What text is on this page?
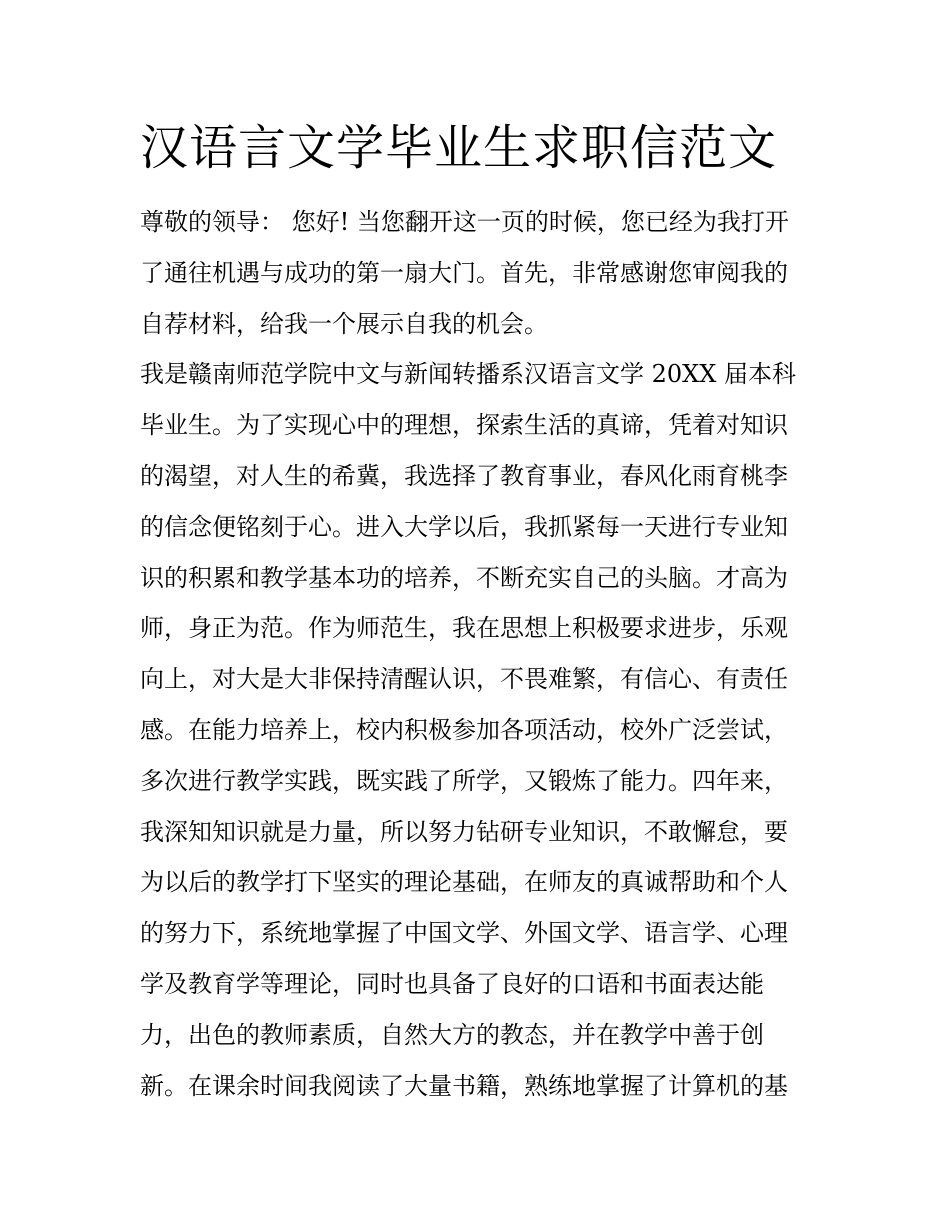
汉语言文学毕业生求职信范文
尊敬的领导： 您好! 当您翻开这一页的时候，您已经为我打开
了通往机遇与成功的第一扇大门。首先，非常感谢您审阅我的
自荐材料，给我一个展示自我的机会。
我是赣南师范学院中文与新闻转播系汉语言文学 20XX 届本科
毕业生。为了实现心中的理想，探索生活的真谛，凭着对知识
的渴望，对人生的希冀，我选择了教育事业，春风化雨育桃李
的信念便铭刻于心。进入大学以后，我抓紧每一天进行专业知
识的积累和教学基本功的培养，不断充实自己的头脑。才高为
师，身正为范。作为师范生，我在思想上积极要求进步，乐观
向上，对大是大非保持清醒认识，不畏难繁，有信心、有责任
感。在能力培养上，校内积极参加各项活动，校外广泛尝试，
多次进行教学实践，既实践了所学，又锻炼了能力。四年来，
我深知知识就是力量，所以努力钻研专业知识，不敢懈怠，要
为以后的教学打下坚实的理论基础，在师友的真诚帮助和个人
的努力下，系统地掌握了中国文学、外国文学、语言学、心理
学及教育学等理论，同时也具备了良好的口语和书面表达能
力，出色的教师素质，自然大方的教态，并在教学中善于创
新。在课余时间我阅读了大量书籍，熟练地掌握了计算机的基
